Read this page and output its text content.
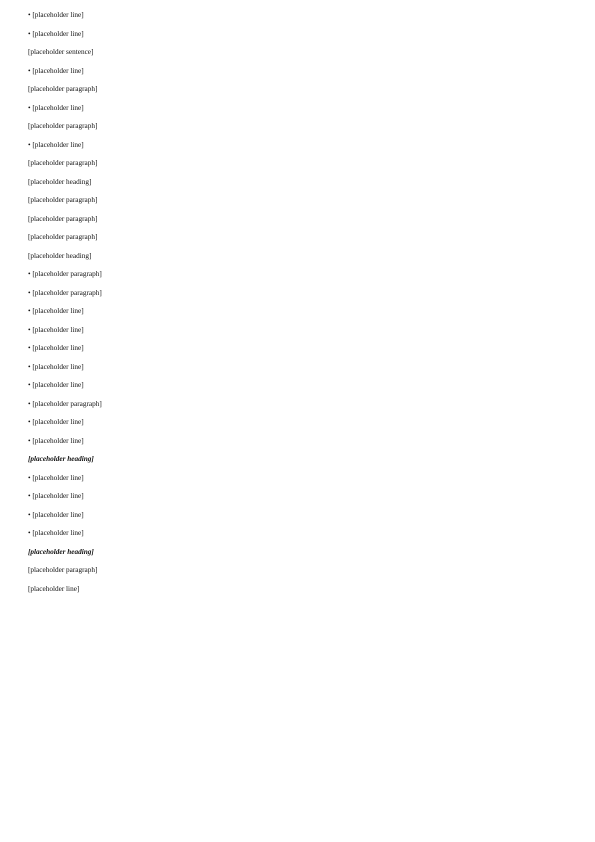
• [placeholder line]

• [placeholder line]

[placeholder sentence]

• [placeholder line]

[placeholder paragraph]

• [placeholder line]

[placeholder paragraph]

• [placeholder line]

[placeholder paragraph]

[placeholder heading]

[placeholder paragraph]

[placeholder paragraph]

[placeholder paragraph]

[placeholder heading]

• [placeholder paragraph]

• [placeholder paragraph]

• [placeholder line]

• [placeholder line]

• [placeholder line]

• [placeholder line]

• [placeholder line]

• [placeholder paragraph]

• [placeholder line]

• [placeholder line]

[placeholder heading]

• [placeholder line]

• [placeholder line]

• [placeholder line]

• [placeholder line]

[placeholder heading]

[placeholder paragraph]

[placeholder line]
